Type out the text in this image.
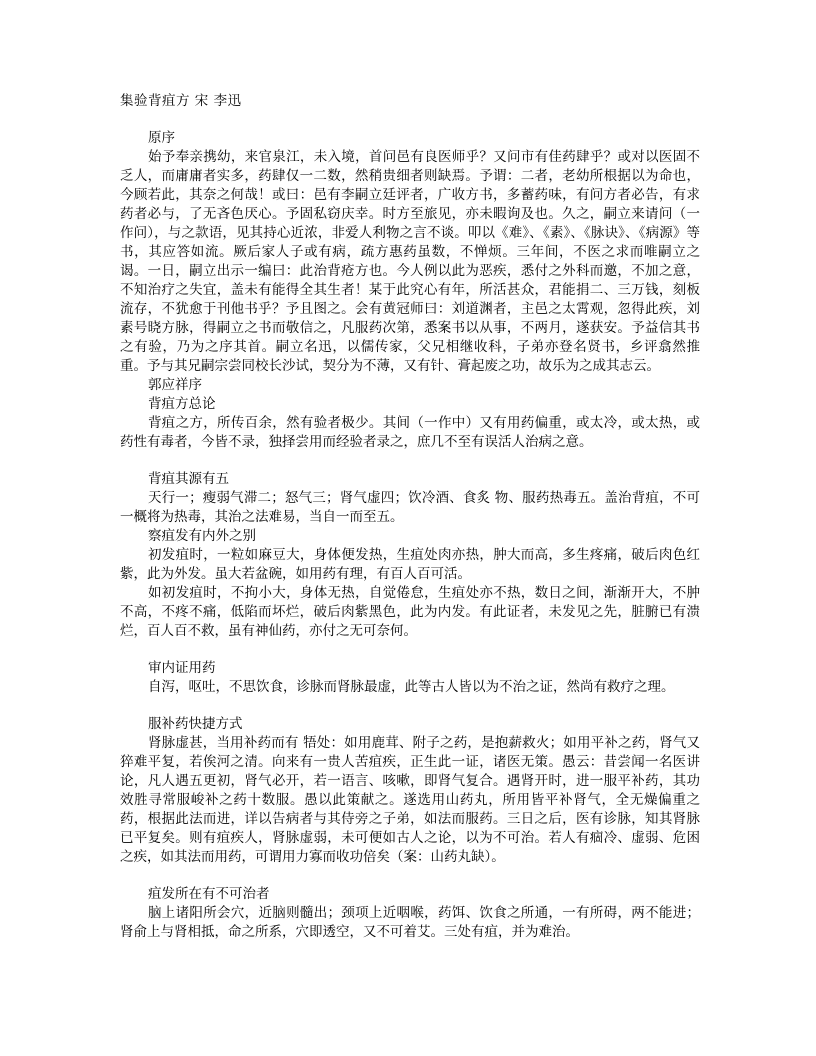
集验背疽方 宋 李迅
原序

始予奉亲携幼，来官泉江，未入境，首问邑有良医师乎？又问市有佳药肆乎？或对以医固不乏人，而庸庸者实多，药肆仅一二数，然稍贵细者则缺焉。予谓：二者，老幼所根据以为命也，今顾若此，其奈之何哉！或曰：邑有李嗣立廷评者，广收方书，多蓄药味，有问方者必告，有求药者必与，了无吝色厌心。予固私窃庆幸。时方至旅见，亦未暇询及也。久之，嗣立来请问（一作问），与之款语，见其持心近浓，非爱人利物之言不谈。叩以《难》、《素》、《脉诀》、《病源》等书，其应答如流。厥后家人子或有病，疏方惠药虽数，不惮烦。三年间，不医之求而唯嗣立之谒。一日，嗣立出示一编曰：此治背疮方也。今人例以此为恶疾，悉付之外科而邀，不加之意，不知治疗之失宜，盖未有能得全其生者！某于此究心有年，所活甚众，君能捐二、三万钱，刻板流存，不犹愈于刊他书乎？予且图之。会有黄冠师曰：刘道渊者，主邑之太霄观，忽得此疾，刘素号晓方脉，得嗣立之书而敬信之，凡服药次第，悉案书以从事，不两月，遂获安。予益信其书之有验，乃为之序其首。嗣立名迅，以儒传家，父兄相继收科，子弟亦登名贤书，乡评翕然推重。予与其兄嗣宗尝同校长沙试，契分为不薄，又有针、膏起废之功，故乐为之成其志云。

郭应祥序
背疽方总论

背疽之方，所传百余，然有验者极少。其间（一作中）又有用药偏重，或太冷，或太热，或药性有毒者，今皆不录，独择尝用而经验者录之，庶几不至有误活人治病之意。

背疽其源有五

天行一；瘦弱气滞二；怒气三；肾气虚四；饮冷酒、食炙 物、服药热毒五。盖治背疽，不可一概将为热毒，其治之法难易，当自一而至五。

察疽发有内外之别

初发疽时，一粒如麻豆大，身体便发热，生疽处肉亦热，肿大而高，多生疼痛，破后肉色红紫，此为外发。虽大若盆碗，如用药有理，有百人百可活。

如初发疽时，不拘小大，身体无热，自觉倦怠，生疽处亦不热，数日之间，渐渐开大，不肿不高，不疼不痛，低陷而坏烂，破后肉紫黑色，此为内发。有此证者，未发见之先，脏腑已有溃烂，百人百不救，虽有神仙药，亦付之无可奈何。

审内证用药

自泻，呕吐，不思饮食，诊脉而肾脉最虚，此等古人皆以为不治之证，然尚有救疗之理。

服补药快捷方式

肾脉虚甚，当用补药而有 牾处：如用鹿茸、附子之药，是抱薪救火；如用平补之药，肾气又猝难平复，若俟河之清。向来有一贵人苦疽疾，正生此一证，诸医无策。愚云：昔尝闻一名医讲论，凡人遇五更初，肾气必开，若一语言、咳嗽，即肾气复合。遇肾开时，进一服平补药，其功效胜寻常服峻补之药十数服。愚以此策献之。遂选用山药丸，所用皆平补肾气，全无燥偏重之药，根据此法而进，详以告病者与其侍旁之子弟，如法而服药。三日之后，医有诊脉，知其肾脉已平复矣。则有疽疾人，肾脉虚弱，未可便如古人之论，以为不可治。若人有痼冷、虚弱、危困之疾，如其法而用药，可谓用力寡而收功倍矣（案：山药丸缺）。

疽发所在有不可治者

脑上诸阳所会穴，近脑则髓出；颈项上近咽喉，药饵、饮食之所通，一有所碍，两不能进；肾俞上与肾相抵，命之所系，穴即透空，又不可着艾。三处有疽，并为难治。
